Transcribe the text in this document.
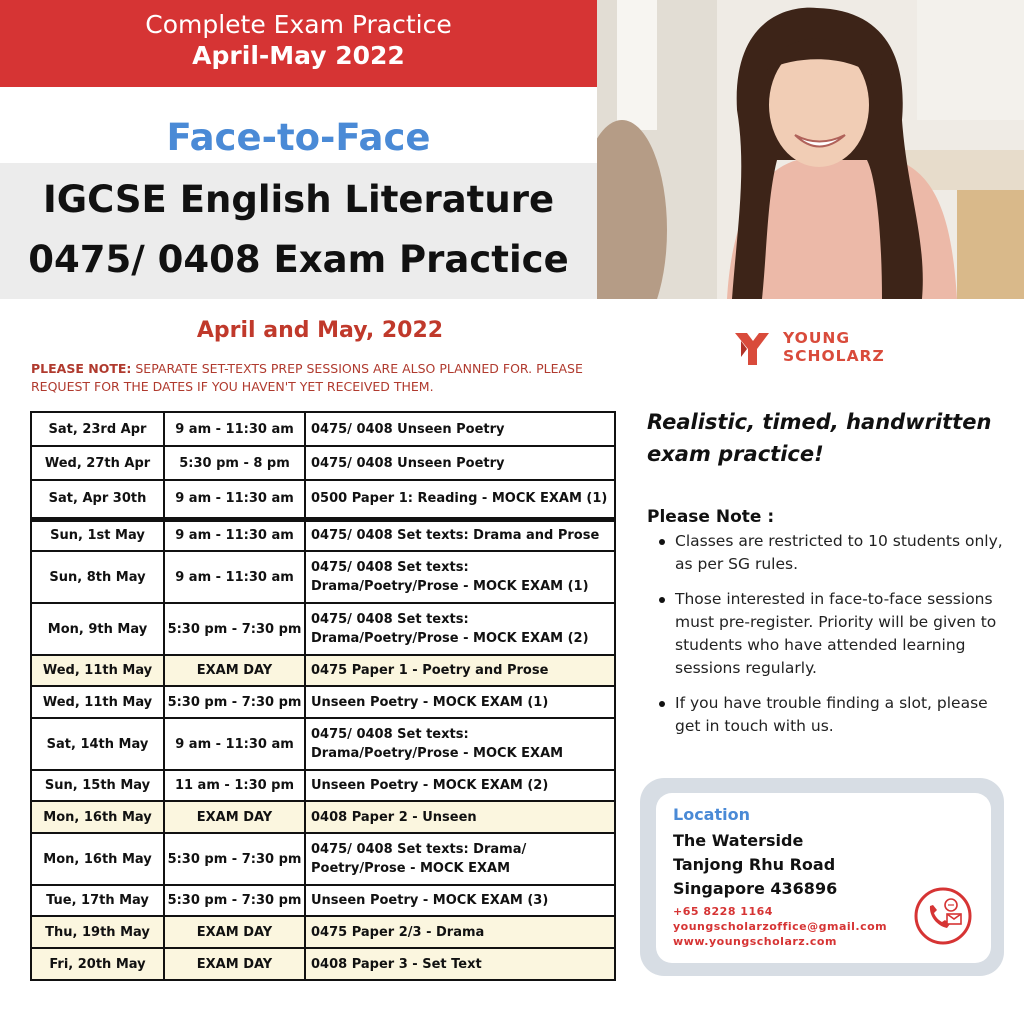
Complete Exam Practice
April-May 2022
Face-to-Face
IGCSE English Literature
0475/ 0408 Exam Practice
April and May, 2022
PLEASE NOTE: SEPARATE SET-TEXTS PREP SESSIONS ARE ALSO PLANNED FOR. PLEASE REQUEST FOR THE DATES IF YOU HAVEN'T YET RECEIVED THEM.
Sat, 23rd Apr	9 am - 11:30 am	0475/ 0408 Unseen Poetry
Wed, 27th Apr	5:30 pm - 8 pm	0475/ 0408 Unseen Poetry
Sat, Apr 30th	9 am - 11:30 am	0500 Paper 1: Reading - MOCK EXAM (1)
Sun, 1st May	9 am - 11:30 am	0475/ 0408 Set texts: Drama and Prose
Sun, 8th May	9 am - 11:30 am	0475/ 0408 Set texts: Drama/Poetry/Prose - MOCK EXAM (1)
Mon, 9th May	5:30 pm - 7:30 pm	0475/ 0408 Set texts: Drama/Poetry/Prose - MOCK EXAM (2)
Wed, 11th May	EXAM DAY	0475 Paper 1 - Poetry and Prose
Wed, 11th May	5:30 pm - 7:30 pm	Unseen Poetry - MOCK EXAM (1)
Sat, 14th May	9 am - 11:30 am	0475/ 0408 Set texts: Drama/Poetry/Prose - MOCK EXAM
Sun, 15th May	11 am - 1:30 pm	Unseen Poetry - MOCK EXAM (2)
Mon, 16th May	EXAM DAY	0408 Paper 2 - Unseen
Mon, 16th May	5:30 pm - 7:30 pm	0475/ 0408 Set texts: Drama/ Poetry/Prose - MOCK EXAM
Tue, 17th May	5:30 pm - 7:30 pm	Unseen Poetry - MOCK EXAM (3)
Thu, 19th May	EXAM DAY	0475 Paper 2/3 - Drama
Fri, 20th May	EXAM DAY	0408 Paper 3 - Set Text
YOUNG
SCHOLARZ
Realistic, timed, handwritten exam practice!
Please Note :
Classes are restricted to 10 students only, as per SG rules.
Those interested in face-to-face sessions must pre-register. Priority will be given to students who have attended learning sessions regularly.
If you have trouble finding a slot, please get in touch with us.
Location
The Waterside
Tanjong Rhu Road
Singapore 436896
+65 8228 1164
youngscholarzoffice@gmail.com
www.youngscholarz.com
